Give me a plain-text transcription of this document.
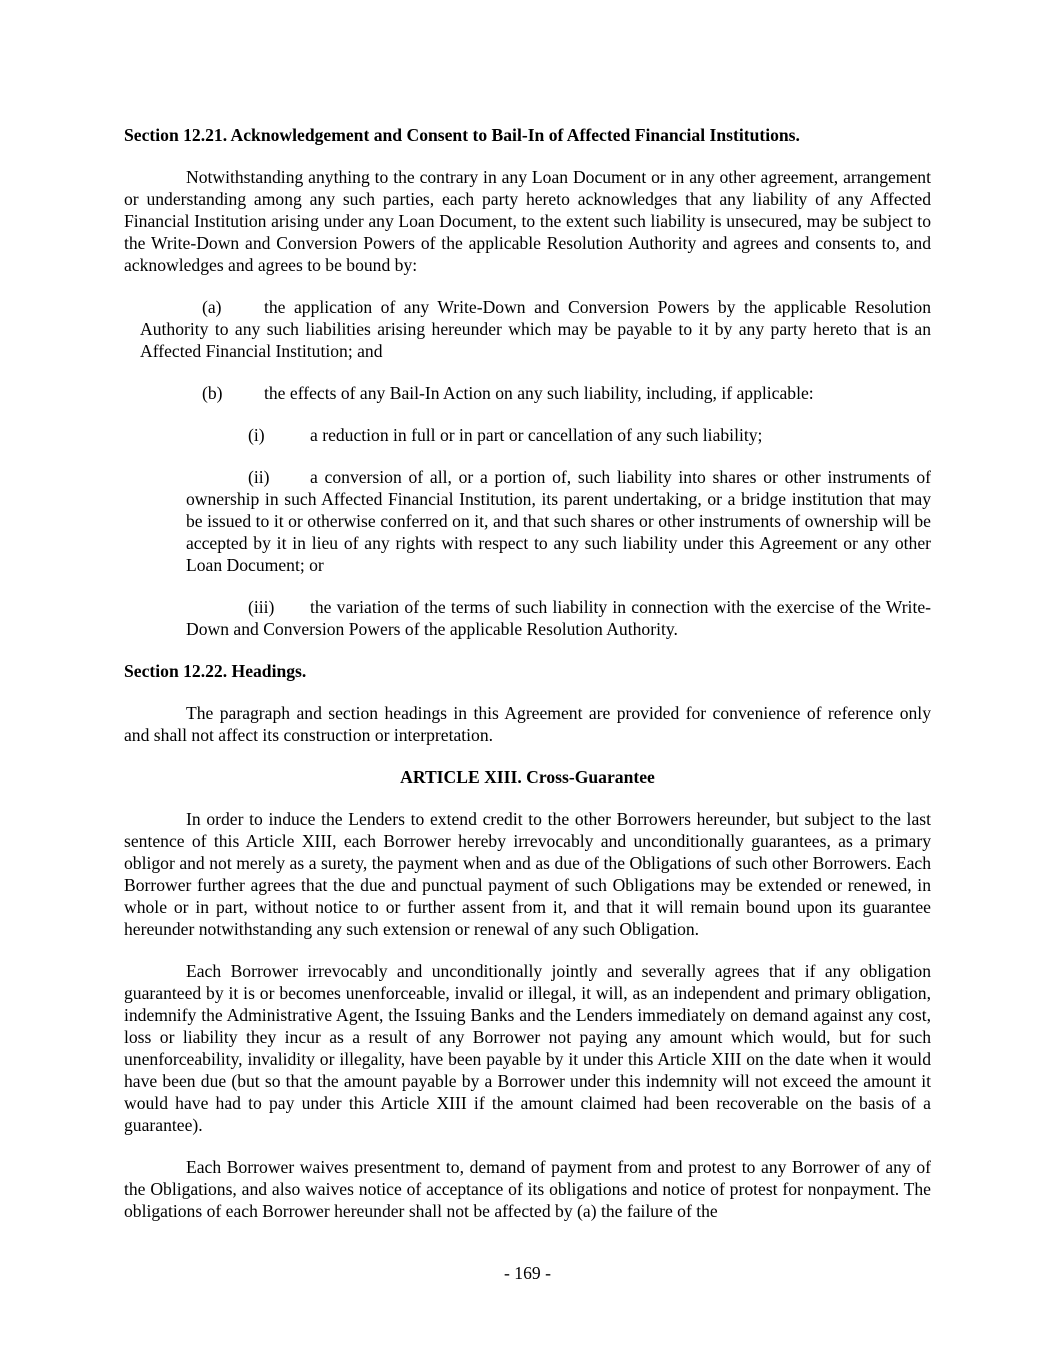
Section 12.21. Acknowledgement and Consent to Bail-In of Affected Financial Institutions.

Notwithstanding anything to the contrary in any Loan Document or in any other agreement, arrangement or understanding among any such parties, each party hereto acknowledges that any liability of any Affected Financial Institution arising under any Loan Document, to the extent such liability is unsecured, may be subject to the Write-Down and Conversion Powers of the applicable Resolution Authority and agrees and consents to, and acknowledges and agrees to be bound by:

(a) the application of any Write-Down and Conversion Powers by the applicable Resolution Authority to any such liabilities arising hereunder which may be payable to it by any party hereto that is an Affected Financial Institution; and

(b) the effects of any Bail-In Action on any such liability, including, if applicable:

(i)	a reduction in full or in part or cancellation of any such liability;

(ii) a conversion of all, or a portion of, such liability into shares or other instruments of ownership in such Affected Financial Institution, its parent undertaking, or a bridge institution that may be issued to it or otherwise conferred on it, and that such shares or other instruments of ownership will be accepted by it in lieu of any rights with respect to any such liability under this Agreement or any other Loan Document; or

(iii) the variation of the terms of such liability in connection with the exercise of the Write-Down and Conversion Powers of the applicable Resolution Authority.

Section 12.22. Headings.

The paragraph and section headings in this Agreement are provided for convenience of reference only and shall not affect its construction or interpretation.

ARTICLE XIII. Cross-Guarantee

In order to induce the Lenders to extend credit to the other Borrowers hereunder, but subject to the last sentence of this Article XIII, each Borrower hereby irrevocably and unconditionally guarantees, as a primary obligor and not merely as a surety, the payment when and as due of the Obligations of such other Borrowers. Each Borrower further agrees that the due and punctual payment of such Obligations may be extended or renewed, in whole or in part, without notice to or further assent from it, and that it will remain bound upon its guarantee hereunder notwithstanding any such extension or renewal of any such Obligation.

Each Borrower irrevocably and unconditionally jointly and severally agrees that if any obligation guaranteed by it is or becomes unenforceable, invalid or illegal, it will, as an independent and primary obligation, indemnify the Administrative Agent, the Issuing Banks and the Lenders immediately on demand against any cost, loss or liability they incur as a result of any Borrower not paying any amount which would, but for such unenforceability, invalidity or illegality, have been payable by it under this Article XIII on the date when it would have been due (but so that the amount payable by a Borrower under this indemnity will not exceed the amount it would have had to pay under this Article XIII if the amount claimed had been recoverable on the basis of a guarantee).

Each Borrower waives presentment to, demand of payment from and protest to any Borrower of any of the Obligations, and also waives notice of acceptance of its obligations and notice of protest for nonpayment. The obligations of each Borrower hereunder shall not be affected by (a) the failure of the

- 169 -
